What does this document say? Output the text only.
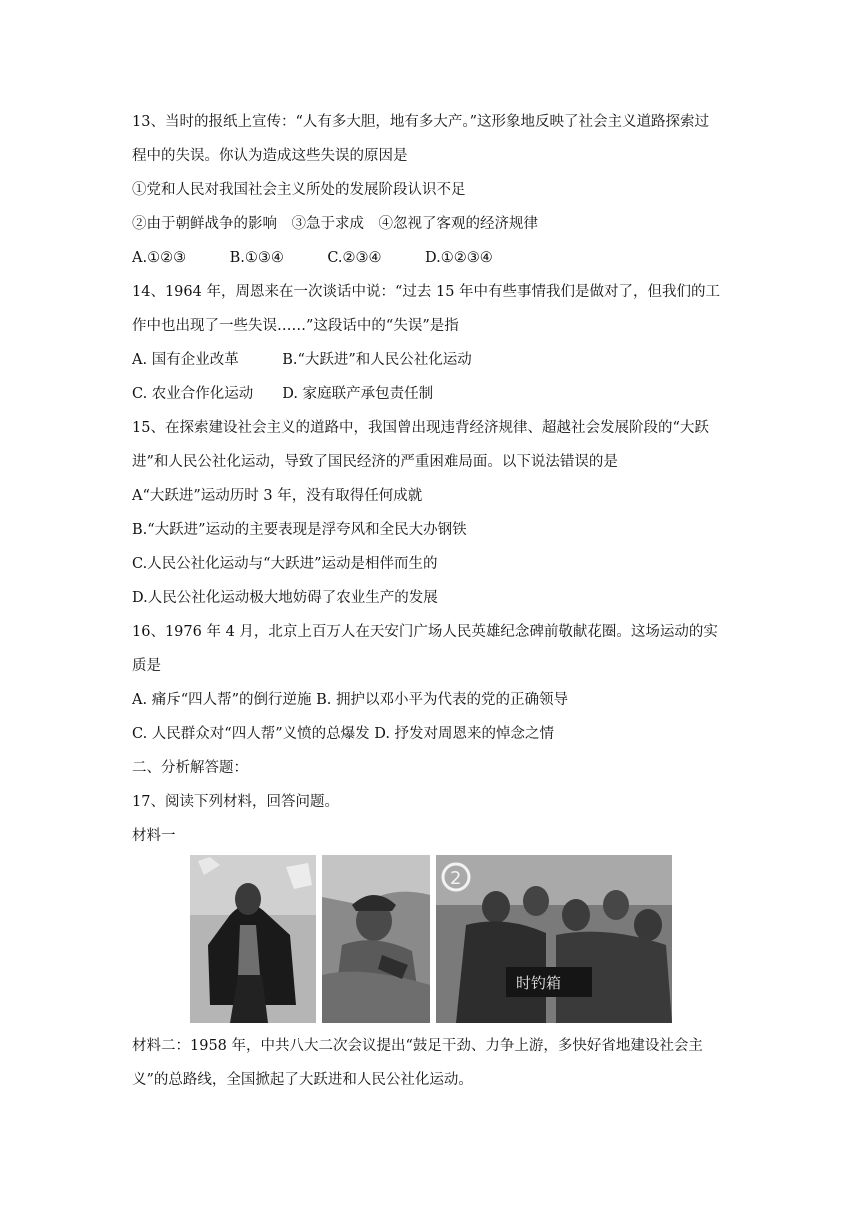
13、当时的报纸上宣传：“人有多大胆，地有多大产。”这形象地反映了社会主义道路探索过
程中的失误。你认为造成这些失误的原因是
①党和人民对我国社会主义所处的发展阶段认识不足
②由于朝鲜战争的影响　③急于求成　④忽视了客观的经济规律
A.①②③　　　B.①③④　　　C.②③④　　　D.①②③④
14、1964 年，周恩来在一次谈话中说：“过去 15 年中有些事情我们是做对了，但我们的工
作中也出现了一些失误……”这段话中的“失误”是指
A. 国有企业改革　　　B.“大跃进”和人民公社化运动
C. 农业合作化运动　　D. 家庭联产承包责任制
15、在探索建设社会主义的道路中，我国曾出现违背经济规律、超越社会发展阶段的“大跃
进”和人民公社化运动，导致了国民经济的严重困难局面。以下说法错误的是
A“大跃进”运动历时 3 年，没有取得任何成就
B.“大跃进”运动的主要表现是浮夸风和全民大办钢铁
C.人民公社化运动与“大跃进”运动是相伴而生的
D.人民公社化运动极大地妨碍了农业生产的发展
16、1976 年 4 月，北京上百万人在天安门广场人民英雄纪念碑前敬献花圈。这场运动的实
质是
A. 痛斥“四人帮”的倒行逆施 B. 拥护以邓小平为代表的党的正确领导
C. 人民群众对“四人帮”义愤的总爆发 D. 抒发对周恩来的悼念之情
二、分析解答题：
17、阅读下列材料，回答问题。
材料一
2
时钓箱
材料二：1958 年，中共八大二次会议提出“鼓足干劲、力争上游，多快好省地建设社会主
义”的总路线，全国掀起了大跃进和人民公社化运动。
